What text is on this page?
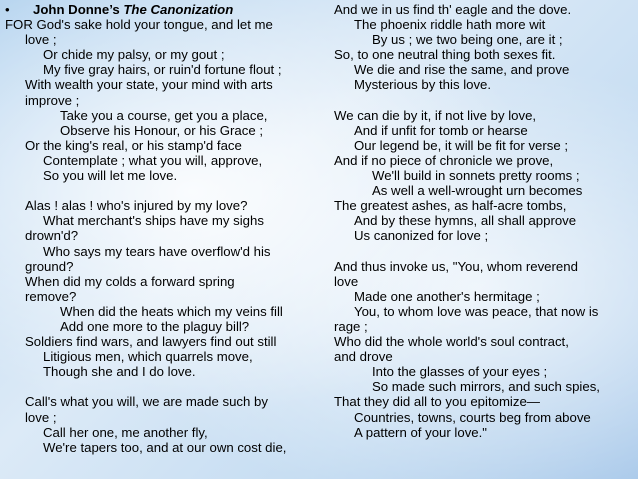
• John Donne’s The Canonization
FOR God's sake hold your tongue, and let me
love ;
Or chide my palsy, or my gout ;
My five gray hairs, or ruin'd fortune flout ;
With wealth your state, your mind with arts
improve ;
Take you a course, get you a place,
Observe his Honour, or his Grace ;
Or the king's real, or his stamp'd face
Contemplate ; what you will, approve,
So you will let me love.
Alas ! alas ! who's injured by my love?
What merchant's ships have my sighs
drown'd?
Who says my tears have overflow'd his
ground?
When did my colds a forward spring
remove?
When did the heats which my veins fill
Add one more to the plaguy bill?
Soldiers find wars, and lawyers find out still
Litigious men, which quarrels move,
Though she and I do love.
Call's what you will, we are made such by
love ;
Call her one, me another fly,
We're tapers too, and at our own cost die,
And we in us find th' eagle and the dove.
The phoenix riddle hath more wit
By us ; we two being one, are it ;
So, to one neutral thing both sexes fit.
We die and rise the same, and prove
Mysterious by this love.
We can die by it, if not live by love,
And if unfit for tomb or hearse
Our legend be, it will be fit for verse ;
And if no piece of chronicle we prove,
We'll build in sonnets pretty rooms ;
As well a well-wrought urn becomes
The greatest ashes, as half-acre tombs,
And by these hymns, all shall approve
Us canonized for love ;
And thus invoke us, "You, whom reverend
love
Made one another's hermitage ;
You, to whom love was peace, that now is
rage ;
Who did the whole world's soul contract,
and drove
Into the glasses of your eyes ;
So made such mirrors, and such spies,
That they did all to you epitomize—
Countries, towns, courts beg from above
A pattern of your love."
